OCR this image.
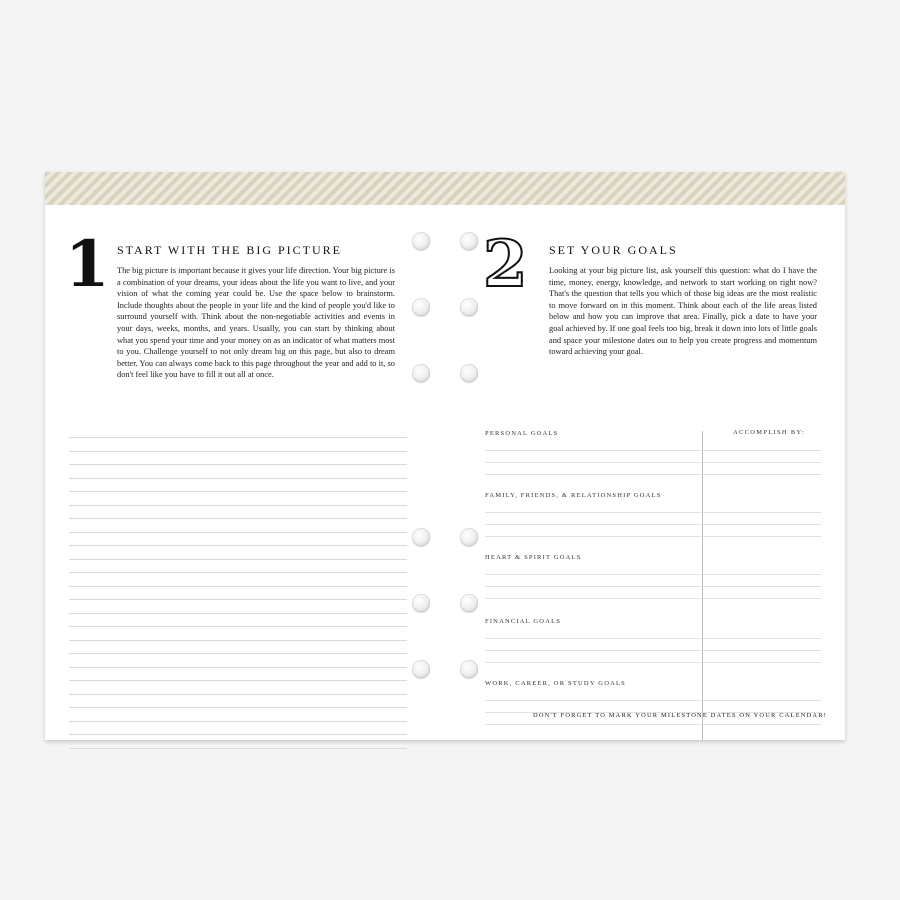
1 START WITH THE BIG PICTURE
The big picture is important because it gives your life direction. Your big picture is a combination of your dreams, your ideas about the life you want to live, and your vision of what the coming year could be. Use the space below to brainstorm. Include thoughts about the people in your life and the kind of people you'd like to surround yourself with. Think about the non-negotiable activities and events in your days, weeks, months, and years. Usually, you can start by thinking about what you spend your time and your money on as an indicator of what matters most to you. Challenge yourself to not only dream big on this page, but also to dream better. You can always come back to this page throughout the year and add to it, so don't feel like you have to fill it out all at once.
2 SET YOUR GOALS
Looking at your big picture list, ask yourself this question: what do I have the time, money, energy, knowledge, and network to start working on right now? That's the question that tells you which of those big ideas are the most realistic to move forward on in this moment. Think about each of the life areas listed below and how you can improve that area. Finally, pick a date to have your goal achieved by. If one goal feels too big, break it down into lots of little goals and space your milestone dates out to help you create progress and momentum toward achieving your goal.
ACCOMPLISH BY:
PERSONAL GOALS
FAMILY, FRIENDS, & RELATIONSHIP GOALS
HEART & SPIRIT GOALS
FINANCIAL GOALS
WORK, CAREER, OR STUDY GOALS
DON'T FORGET TO MARK YOUR MILESTONE DATES ON YOUR CALENDAR!
